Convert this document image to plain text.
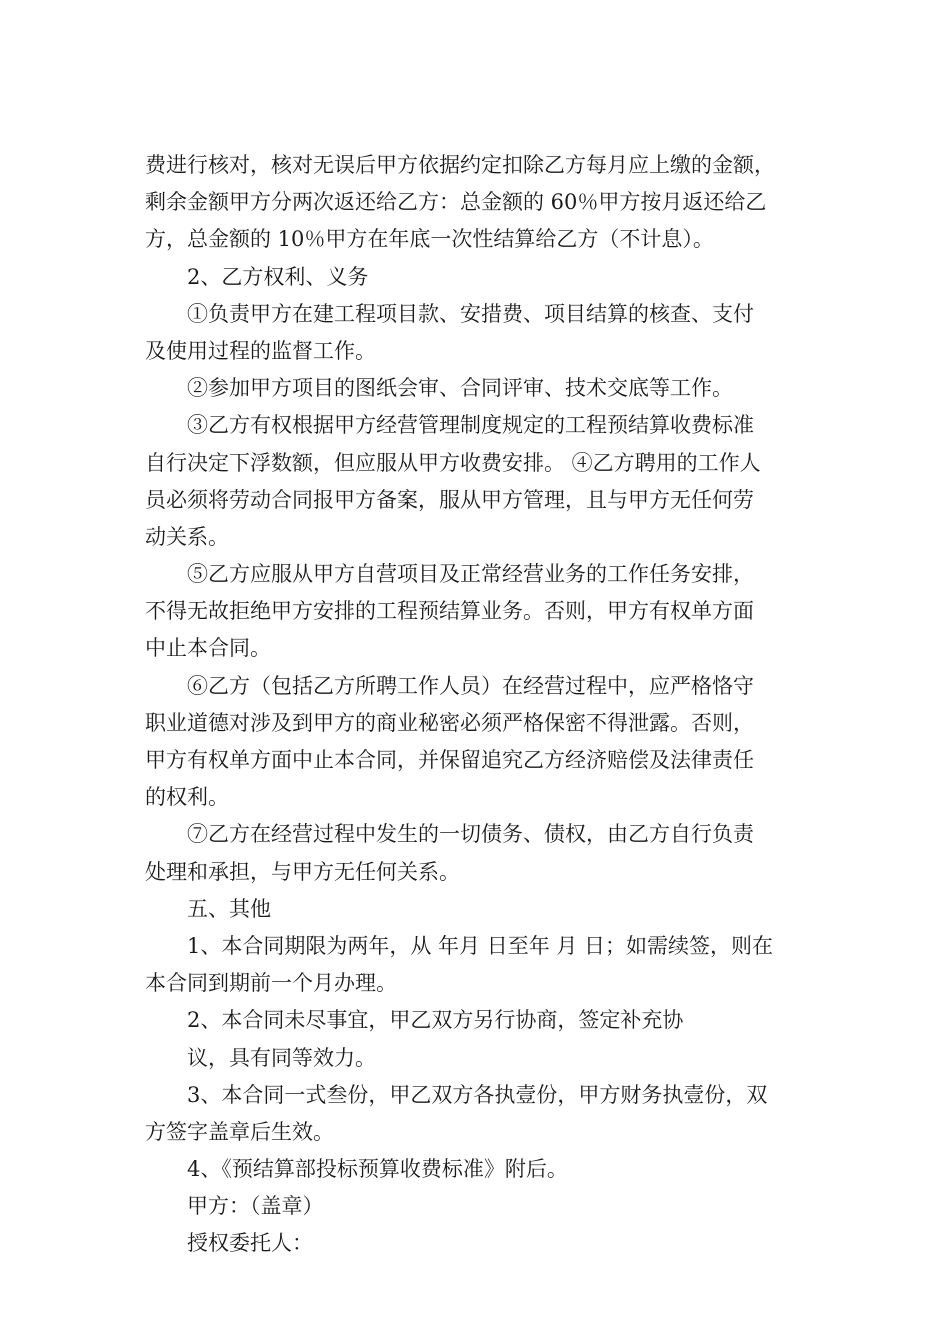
费进行核对，核对无误后甲方依据约定扣除乙方每月应上缴的金额，
剩余金额甲方分两次返还给乙方：总金额的 60％甲方按月返还给乙
方，总金额的 10％甲方在年底一次性结算给乙方（不计息）。
2、乙方权利、义务
①负责甲方在建工程项目款、安措费、项目结算的核查、支付
及使用过程的监督工作。
②参加甲方项目的图纸会审、合同评审、技术交底等工作。
③乙方有权根据甲方经营管理制度规定的工程预结算收费标准
自行决定下浮数额，但应服从甲方收费安排。 ④乙方聘用的工作人
员必须将劳动合同报甲方备案，服从甲方管理，且与甲方无任何劳
动关系。
⑤乙方应服从甲方自营项目及正常经营业务的工作任务安排，
不得无故拒绝甲方安排的工程预结算业务。否则，甲方有权单方面
中止本合同。
⑥乙方（包括乙方所聘工作人员）在经营过程中，应严格恪守
职业道德对涉及到甲方的商业秘密必须严格保密不得泄露。否则，
甲方有权单方面中止本合同，并保留追究乙方经济赔偿及法律责任
的权利。
⑦乙方在经营过程中发生的一切债务、债权，由乙方自行负责
处理和承担，与甲方无任何关系。
五、其他
1、本合同期限为两年，从 年月 日至年 月 日；如需续签，则在
本合同到期前一个月办理。
2、本合同未尽事宜，甲乙双方另行协商，签定补充协
议，具有同等效力。
3、本合同一式叁份，甲乙双方各执壹份，甲方财务执壹份，双
方签字盖章后生效。
4、《预结算部投标预算收费标准》附后。
甲方：（盖章）
授权委托人：
